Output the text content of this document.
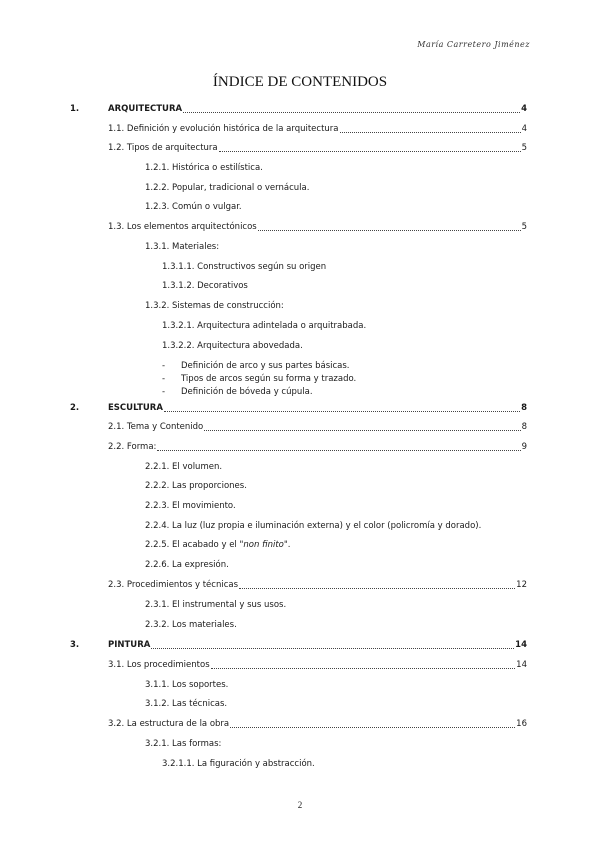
María Carretero Jiménez
ÍNDICE DE CONTENIDOS
1.	ARQUITECTURA	4
1.1. Definición y evolución histórica de la arquitectura	4
1.2. Tipos de arquitectura	5
1.2.1. Histórica o estilística.
1.2.2. Popular, tradicional o vernácula.
1.2.3. Común o vulgar.
1.3. Los elementos arquitectónicos	5
1.3.1. Materiales:
1.3.1.1. Constructivos según su origen
1.3.1.2. Decorativos
1.3.2. Sistemas de construcción:
1.3.2.1. Arquitectura adintelada o arquitrabada.
1.3.2.2. Arquitectura abovedada.
- Definición de arco y sus partes básicas.
- Tipos de arcos según su forma y trazado.
- Definición de bóveda y cúpula.
2.	ESCULTURA	8
2.1. Tema y Contenido	8
2.2. Forma:	9
2.2.1. El volumen.
2.2.2. Las proporciones.
2.2.3. El movimiento.
2.2.4. La luz (luz propia e iluminación externa) y el color (policromía y dorado).
2.2.5. El acabado y el "non finito".
2.2.6. La expresión.
2.3. Procedimientos y técnicas	12
2.3.1. El instrumental y sus usos.
2.3.2. Los materiales.
3.	PINTURA	14
3.1. Los procedimientos	14
3.1.1. Los soportes.
3.1.2. Las técnicas.
3.2. La estructura de la obra	16
3.2.1. Las formas:
3.2.1.1. La figuración y abstracción.
2
